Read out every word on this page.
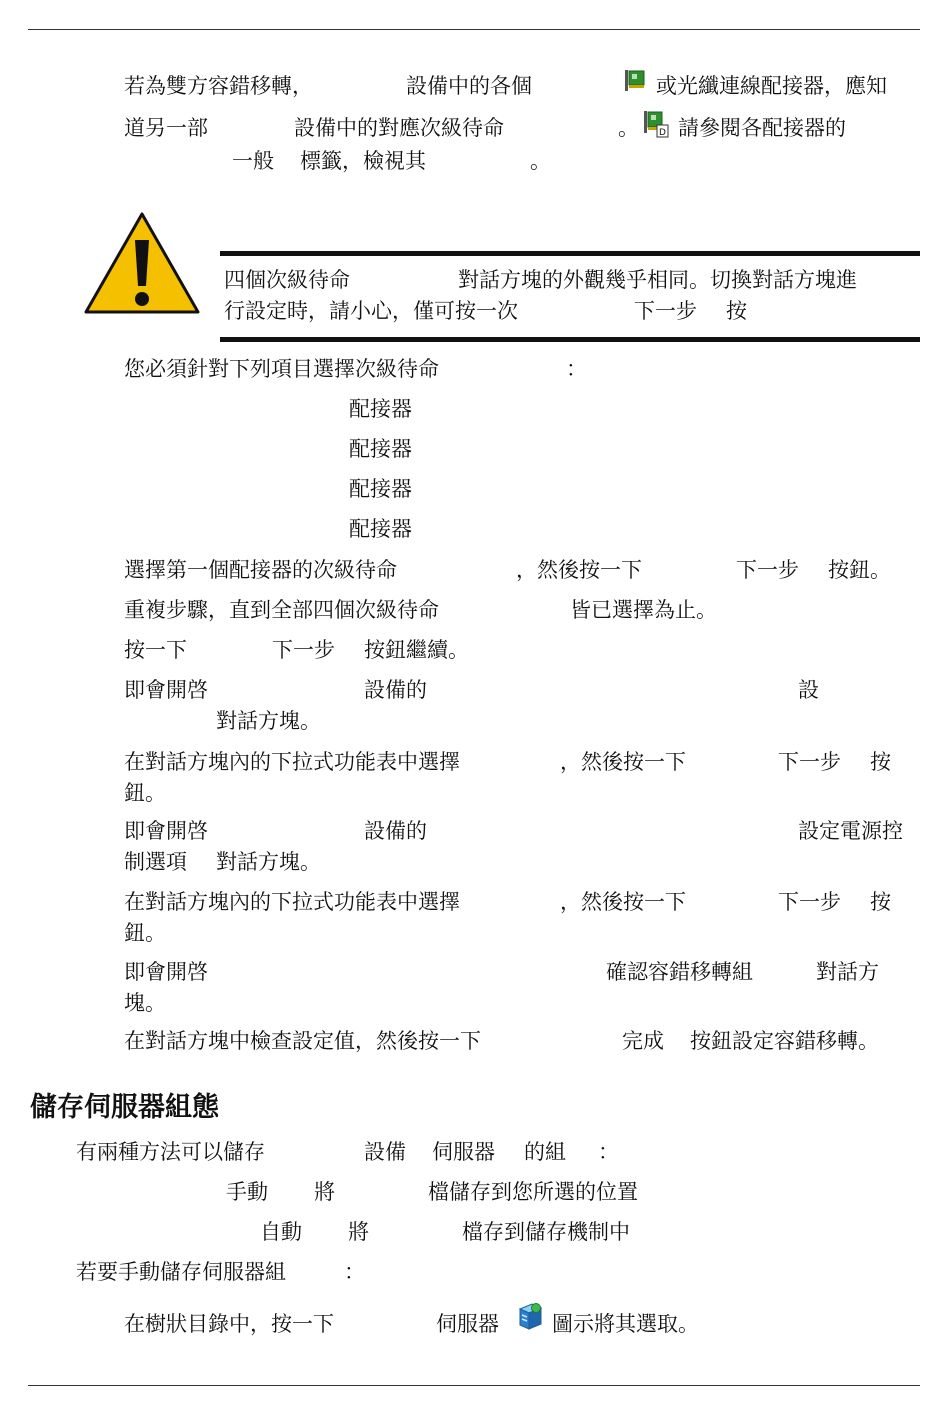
若為雙方容錯移轉，	設備中的各個	或光纖連線配接器，應知
道另一部	設備中的對應次級待命	。 D 請參閱各配接器的
一般 標籤，檢視其	。
四個次級待命	對話方塊的外觀幾乎相同。切換對話方塊進
行設定時，請小心，僅可按一次	下一步 按
您必須針對下列項目選擇次級待命	：
配接器
配接器
配接器
配接器
選擇第一個配接器的次級待命	，然後按一下	下一步 按鈕。
重複步驟，直到全部四個次級待命	皆已選擇為止。
按一下	下一步 按鈕繼續。
即會開啓	設備的	設
對話方塊。
在對話方塊內的下拉式功能表中選擇	，然後按一下	下一步 按
鈕。
即會開啓	設備的	設定電源控
制選項 對話方塊。
在對話方塊內的下拉式功能表中選擇	，然後按一下	下一步 按
鈕。
即會開啓	確認容錯移轉組	對話方
塊。
在對話方塊中檢查設定值，然後按一下	完成 按鈕設定容錯移轉。
儲存伺服器組態
有兩種方法可以儲存	設備 伺服器 的組 ：
手動 將	檔儲存到您所選的位置
自動 將	檔存到儲存機制中
若要手動儲存伺服器組	：
在樹狀目錄中，按一下	伺服器	圖示將其選取。
